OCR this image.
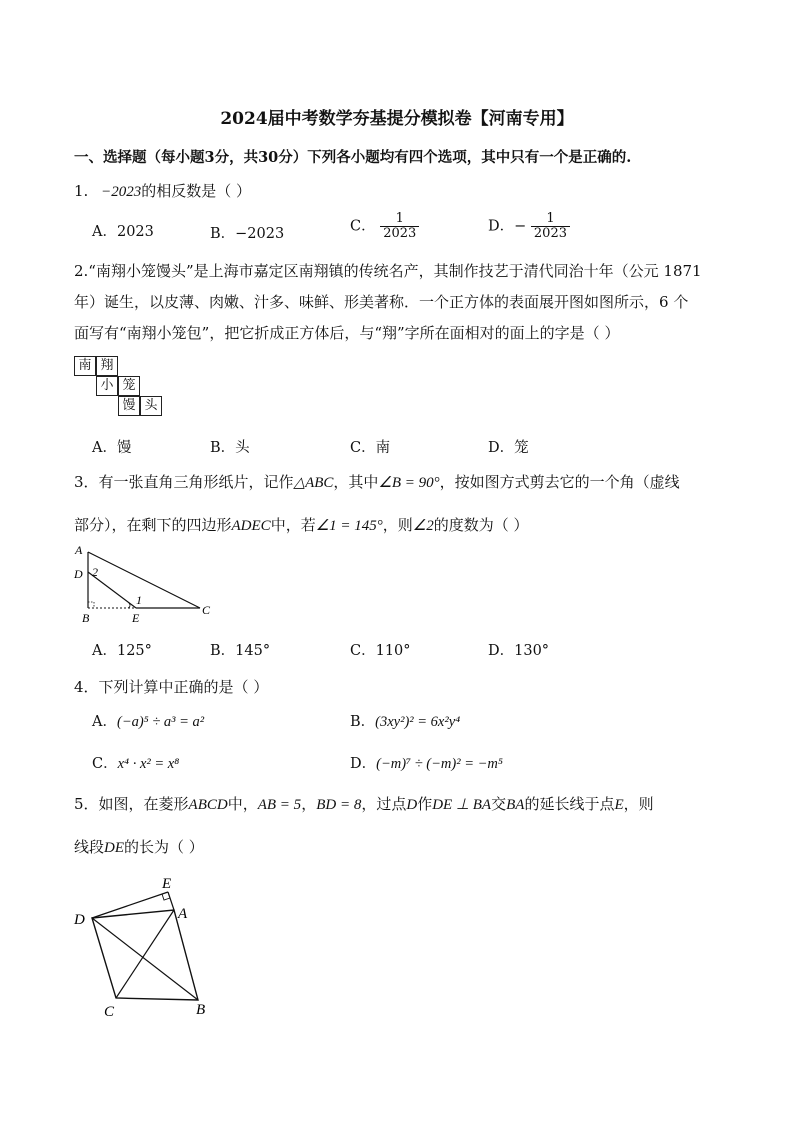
2024届中考数学夯基提分模拟卷【河南专用】
一、选择题（每小题3分，共30分）下列各小题均有四个选项，其中只有一个是正确的.
1. −2023的相反数是（ ）
A．2023	B．−2023	C． $\frac{1}{2023}$	D．− $\frac{1}{2023}$
2.“南翔小笼馒头”是上海市嘉定区南翔镇的传统名产，其制作技艺于清代同治十年（公元 1871
年）诞生，以皮薄、肉嫩、汁多、味鲜、形美著称．一个正方体的表面展开图如图所示，6 个
面写有“南翔小笼包”，把它折成正方体后，与“翔”字所在面相对的面上的字是（ ）
南 翔
小 笼
馒 头
A．馒	B．头	C．南	D．笼
3．有一张直角三角形纸片，记作△ABC，其中∠B = 90°，按如图方式剪去它的一个角（虚线
部分），在剩下的四边形ADEC中，若∠1 = 145°，则∠2的度数为（ ）
A
D 2
1
B	E
C
A．125°	B．145°	C．110°	D．130°
4．下列计算中正确的是（ ）
A．(−a)⁵ ÷ a³ = a²	B．(3xy²)² = 6x²y⁴
C．x⁴ · x² = x⁸	D．(−m)⁷ ÷ (−m)² = −m⁵
5．如图，在菱形ABCD中，AB = 5，BD = 8，过点D作DE ⊥ BA交BA的延长线于点E，则
线段DE的长为（ ）
E
D	A
C	B
